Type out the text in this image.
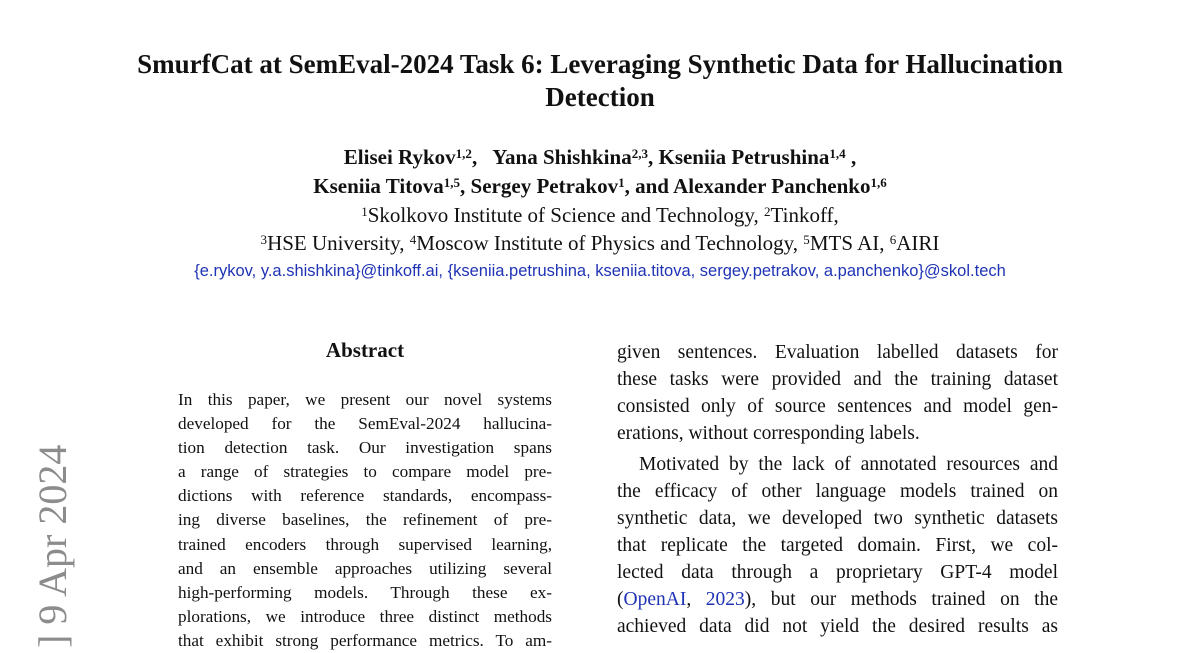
SmurfCat at SemEval-2024 Task 6: Leveraging Synthetic Data for Hallucination Detection
Elisei Rykov$^{1,2}$,   Yana Shishkina$^{2,3}$, Kseniia Petrushina$^{1,4}$ ,
Kseniia Titova$^{1,5}$, Sergey Petrakov$^1$, and Alexander Panchenko$^{1,6}$
$^1$Skolkovo Institute of Science and Technology, $^2$Tinkoff,
$^3$HSE University, $^4$Moscow Institute of Physics and Technology, $^5$MTS AI, $^6$AIRI
{e.rykov, y.a.shishkina}@tinkoff.ai, {kseniia.petrushina, kseniia.titova, sergey.petrakov, a.panchenko}@skol.tech
Abstract
In this paper, we present our novel systems
developed for the SemEval-2024 hallucina-
tion detection task. Our investigation spans
a range of strategies to compare model pre-
dictions with reference standards, encompass-
ing diverse baselines, the refinement of pre-
trained encoders through supervised learning,
and an ensemble approaches utilizing several
high-performing models. Through these ex-
plorations, we introduce three distinct methods
that exhibit strong performance metrics. To am-
given sentences. Evaluation labelled datasets for
these tasks were provided and the training dataset
consisted only of source sentences and model gen-
erations, without corresponding labels.
Motivated by the lack of annotated resources and
the efficacy of other language models trained on
synthetic data, we developed two synthetic datasets
that replicate the targeted domain. First, we col-
lected data through a proprietary GPT-4 model
(OpenAI, 2023), but our methods trained on the
achieved data did not yield the desired results as
] 9 Apr 2024
